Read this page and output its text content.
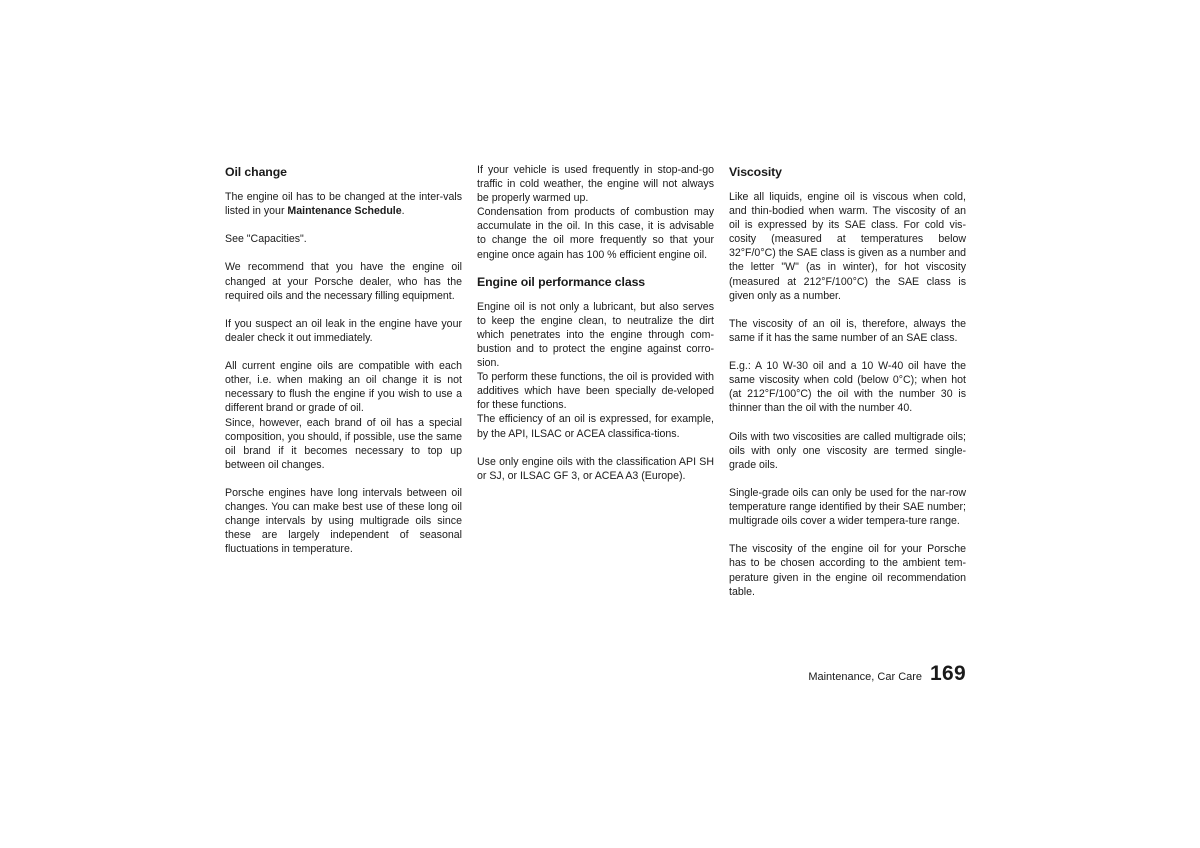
Oil change

The engine oil has to be changed at the inter-vals listed in your Maintenance Schedule.

See "Capacities".

We recommend that you have the engine oil changed at your Porsche dealer, who has the required oils and the necessary filling equipment.

If you suspect an oil leak in the engine have your dealer check it out immediately.

All current engine oils are compatible with each other, i.e. when making an oil change it is not necessary to flush the engine if you wish to use a different brand or grade of oil.

Since, however, each brand of oil has a special composition, you should, if possible, use the same oil brand if it becomes necessary to top up between oil changes.

Porsche engines have long intervals between oil changes. You can make best use of these long oil change intervals by using multigrade oils since these are largely independent of seasonal fluctuations in temperature.

If your vehicle is used frequently in stop-and-go traffic in cold weather, the engine will not always be properly warmed up.

Condensation from products of combustion may accumulate in the oil. In this case, it is advisable to change the oil more frequently so that your engine once again has 100 % efficient engine oil.

Engine oil performance class

Engine oil is not only a lubricant, but also serves to keep the engine clean, to neutralize the dirt which penetrates into the engine through com-bustion and to protect the engine against corro-sion.

To perform these functions, the oil is provided with additives which have been specially de-veloped for these functions.

The efficiency of an oil is expressed, for example, by the API, ILSAC or ACEA classifica-tions.

Use only engine oils with the classification API SH or SJ, or ILSAC GF 3, or ACEA A3 (Europe).

Viscosity

Like all liquids, engine oil is viscous when cold, and thin-bodied when warm. The viscosity of an oil is expressed by its SAE class. For cold vis-cosity (measured at temperatures below 32°F/0°C) the SAE class is given as a number and the letter "W" (as in winter), for hot viscosity (measured at 212°F/100°C) the SAE class is given only as a number.

The viscosity of an oil is, therefore, always the same if it has the same number of an SAE class.

E.g.: A 10 W-30 oil and a 10 W-40 oil have the same viscosity when cold (below 0°C); when hot (at 212°F/100°C) the oil with the number 30 is thinner than the oil with the number 40.

Oils with two viscosities are called multigrade oils; oils with only one viscosity are termed single-grade oils.

Single-grade oils can only be used for the nar-row temperature range identified by their SAE number; multigrade oils cover a wider tempera-ture range.

The viscosity of the engine oil for your Porsche has to be chosen according to the ambient tem-perature given in the engine oil recommendation table.

Maintenance, Car Care 169
